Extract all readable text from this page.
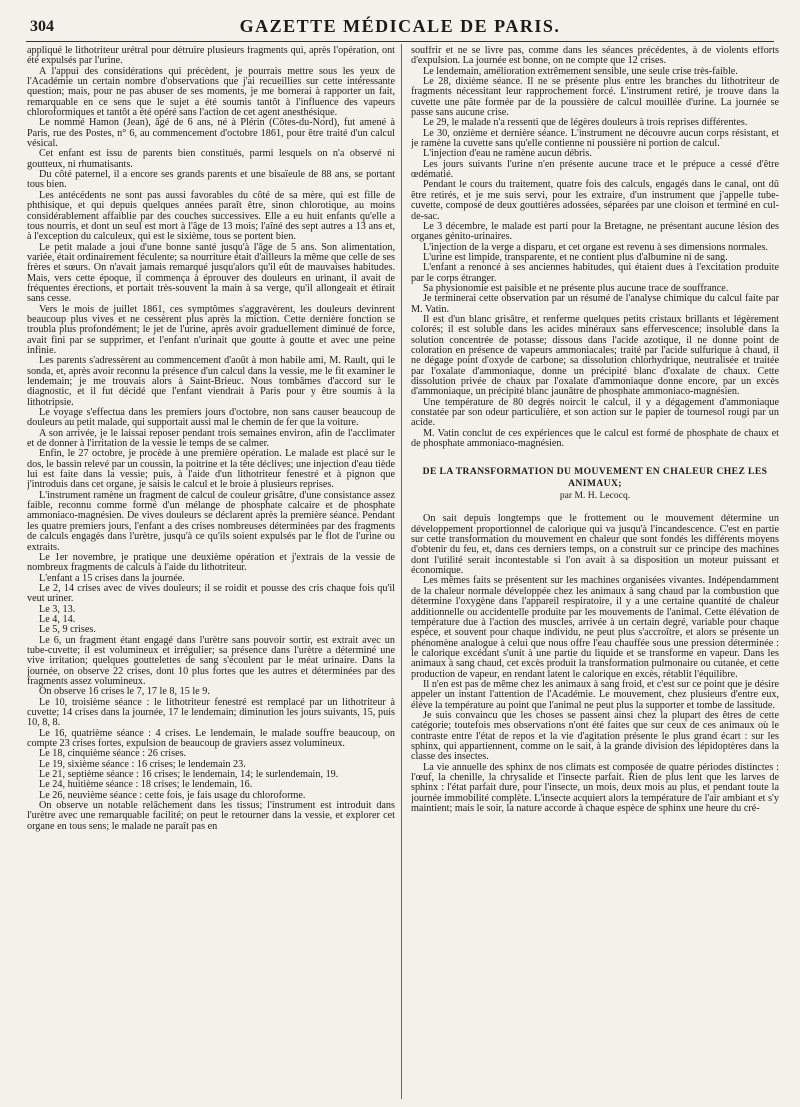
304	GAZETTE MÉDICALE DE PARIS.

appliqué le lithotriteur urétral pour détruire plusieurs fragments qui, après l'opération, ont été expulsés par l'urine.

A l'appui des considérations qui précèdent, je pourrais mettre sous les yeux de l'Académie un certain nombre d'observations que j'ai recueillies sur cette intéressante question; mais, pour ne pas abuser de ses moments, je me bornerai à rapporter un fait, remarquable en ce sens que le sujet a été soumis tantôt à l'influence des vapeurs chloroformiques et tantôt a été opéré sans l'action de cet agent anesthésique.

Le nommé Hamon (Jean), âgé de 6 ans, né à Plérin (Côtes-du-Nord), fut amené à Paris, rue des Postes, n° 6, au commencement d'octobre 1861, pour être traité d'un calcul vésical.

Cet enfant est issu de parents bien constitués, parmi lesquels on n'a observé ni goutteux, ni rhumatisants.

Du côté paternel, il a encore ses grands parents et une bisaïeule de 88 ans, se portant tous bien.

Les antécédents ne sont pas aussi favorables du côté de sa mère, qui est fille de phthisique, et qui depuis quelques années paraît être, sinon chlorotique, au moins considérablement affaiblie par des couches successives. Elle a eu huit enfants qu'elle a tous nourris, et dont un seul est mort à l'âge de 13 mois; l'aîné des sept autres a 13 ans et, à l'exception du calculeux, qui est le sixième, tous se portent bien.

Le petit malade a joui d'une bonne santé jusqu'à l'âge de 5 ans. Son alimentation, variée, était ordinairement féculente; sa nourriture était d'ailleurs la même que celle de ses frères et sœurs. On n'avait jamais remarqué jusqu'alors qu'il eût de mauvaises habitudes. Mais, vers cette époque, il commença à éprouver des douleurs en urinant, il avait de fréquentes érections, et portait très-souvent la main à sa verge, qu'il allongeait et étirait sans cesse.

Vers le mois de juillet 1861, ces symptômes s'aggravèrent, les douleurs devinrent beaucoup plus vives et ne cessèrent plus après la miction. Cette dernière fonction se troubla plus profondément; le jet de l'urine, après avoir graduellement diminué de force, avait fini par se supprimer, et l'enfant n'urinait que goutte à goutte et avec une peine infinie.

Les parents s'adressèrent au commencement d'août à mon habile ami, M. Rault, qui le sonda, et, après avoir reconnu la présence d'un calcul dans la vessie, me le fit examiner le lendemain; je me trouvais alors à Saint-Brieuc. Nous tombâmes d'accord sur le diagnostic, et il fut décidé que l'enfant viendrait à Paris pour y être soumis à la lithotripsie.

Le voyage s'effectua dans les premiers jours d'octobre, non sans causer beaucoup de douleurs au petit malade, qui supportait aussi mal le chemin de fer que la voiture.

A son arrivée, je le laissai reposer pendant trois semaines environ, afin de l'acclimater et de donner à l'irritation de la vessie le temps de se calmer.

Enfin, le 27 octobre, je procède à une première opération. Le malade est placé sur le dos, le bassin relevé par un coussin, la poitrine et la tête déclives; une injection d'eau tiède lui est faite dans la vessie; puis, à l'aide d'un lithotriteur fenestré et à pignon que j'introduis dans cet organe, je saisis le calcul et le broie à plusieurs reprises.

L'instrument ramène un fragment de calcul de couleur grisâtre, d'une consistance assez faible, reconnu comme formé d'un mélange de phosphate calcaire et de phosphate ammoniaco-magnésien. De vives douleurs se déclarent après la première séance. Pendant les quatre premiers jours, l'enfant a des crises nombreuses déterminées par des fragments de calculs engagés dans l'urètre, jusqu'à ce qu'ils soient expulsés par le flot de l'urine ou extraits.

Le 1er novembre, je pratique une deuxième opération et j'extrais de la vessie de nombreux fragments de calculs à l'aide du lithotriteur.

L'enfant a 15 crises dans la journée.

Le 2, 14 crises avec de vives douleurs; il se roidit et pousse des cris chaque fois qu'il veut uriner.

Le 3, 13.

Le 4, 14.

Le 5, 9 crises.

Le 6, un fragment étant engagé dans l'urètre sans pouvoir sortir, est extrait avec un tube-cuvette; il est volumineux et irrégulier; sa présence dans l'urètre a déterminé une vive irritation; quelques gouttelettes de sang s'écoulent par le méat urinaire. Dans la journée, on observe 22 crises, dont 10 plus fortes que les autres et déterminées par des fragments assez volumineux.

On observe 16 crises le 7, 17 le 8, 15 le 9.

Le 10, troisième séance : le lithotriteur fenestré est remplacé par un lithotriteur à cuvette; 14 crises dans la journée, 17 le lendemain; diminution les jours suivants, 15, puis 10, 8, 8.

Le 16, quatrième séance : 4 crises. Le lendemain, le malade souffre beaucoup, on compte 23 crises fortes, expulsion de beaucoup de graviers assez volumineux.

Le 18, cinquième séance : 26 crises.

Le 19, sixième séance : 16 crises; le lendemain 23.

Le 21, septième séance : 16 crises; le lendemain, 14; le surlendemain, 19.

Le 24, huitième séance : 18 crises; le lendemain, 16.

Le 26, neuvième séance : cette fois, je fais usage du chloroforme.

On observe un notable relâchement dans les tissus; l'instrument est introduit dans l'urètre avec une remarquable facilité; on peut le retourner dans la vessie, et explorer cet organe en tous sens; le malade ne paraît pas en

souffrir et ne se livre pas, comme dans les séances précédentes, à de violents efforts d'expulsion. La journée est bonne, on ne compte que 12 crises.

Le lendemain, amélioration extrêmement sensible, une seule crise très-faible.

Le 28, dixième séance. Il ne se présente plus entre les branches du lithotriteur de fragments nécessitant leur rapprochement forcé. L'instrument retiré, je trouve dans la cuvette une pâte formée par de la poussière de calcul mouillée d'urine. La journée se passe sans aucune crise.

Le 29, le malade n'a ressenti que de légères douleurs à trois reprises différentes.

Le 30, onzième et dernière séance. L'instrument ne découvre aucun corps résistant, et je ramène la cuvette sans qu'elle contienne ni poussière ni portion de calcul.

L'injection d'eau ne ramène aucun débris.

Les jours suivants l'urine n'en présente aucune trace et le prépuce a cessé d'être œdématié.

Pendant le cours du traitement, quatre fois des calculs, engagés dans le canal, ont dû être retirés, et je me suis servi, pour les extraire, d'un instrument que j'appelle tube-cuvette, composé de deux gouttières adossées, séparées par une cloison et terminé en cul-de-sac.

Le 3 décembre, le malade est parti pour la Bretagne, ne présentant aucune lésion des organes génito-urinaires.

L'injection de la verge a disparu, et cet organe est revenu à ses dimensions normales.

L'urine est limpide, transparente, et ne contient plus d'albumine ni de sang.

L'enfant a renoncé à ses anciennes habitudes, qui étaient dues à l'excitation produite par le corps étranger.

Sa physionomie est paisible et ne présente plus aucune trace de souffrance.

Je terminerai cette observation par un résumé de l'analyse chimique du calcul faite par M. Vatin.

Il est d'un blanc grisâtre, et renferme quelques petits cristaux brillants et légèrement colorés; il est soluble dans les acides minéraux sans effervescence; insoluble dans la solution concentrée de potasse; dissous dans l'acide azotique, il ne donne point de coloration en présence de vapeurs ammoniacales; traité par l'acide sulfurique à chaud, il ne dégage point d'oxyde de carbone; sa dissolution chlorhydrique, neutralisée et traitée par l'oxalate d'ammoniaque, donne un précipité blanc d'oxalate de chaux. Cette dissolution privée de chaux par l'oxalate d'ammoniaque donne encore, par un excès d'ammoniaque, un précipité blanc jaunâtre de phosphate ammoniaco-magnésien.

Une température de 80 degrés noircit le calcul, il y a dégagement d'ammoniaque constatée par son odeur particulière, et son action sur le papier de tournesol rougi par un acide.

M. Vatin conclut de ces expériences que le calcul est formé de phosphate de chaux et de phosphate ammoniaco-magnésien.

DE LA TRANSFORMATION DU MOUVEMENT EN CHALEUR CHEZ LES ANIMAUX;
par M. H. Lecocq.

On sait depuis longtemps que le frottement ou le mouvement détermine un développement proportionnel de calorique qui va jusqu'à l'incandescence. C'est en partie sur cette transformation du mouvement en chaleur que sont fondés les différents moyens d'obtenir du feu, et, dans ces derniers temps, on a construit sur ce principe des machines dont l'utilité serait incontestable si l'on avait à sa disposition un moteur puissant et économique.

Les mêmes faits se présentent sur les machines organisées vivantes. Indépendamment de la chaleur normale développée chez les animaux à sang chaud par la combustion que détermine l'oxygène dans l'appareil respiratoire, il y a une certaine quantité de chaleur additionnelle ou accidentelle produite par les mouvements de l'animal. Cette élévation de température due à l'action des muscles, arrivée à un certain degré, variable pour chaque espèce, et souvent pour chaque individu, ne peut plus s'accroître, et alors se présente un phénomène analogue à celui que nous offre l'eau chauffée sous une pression déterminée : le calorique excédant s'unit à une partie du liquide et se transforme en vapeur. Dans les animaux à sang chaud, cet excès produit la transformation pulmonaire ou cutanée, et cette production de vapeur, en rendant latent le calorique en excès, rétablit l'équilibre.

Il n'en est pas de même chez les animaux à sang froid, et c'est sur ce point que je désire appeler un instant l'attention de l'Académie. Le mouvement, chez plusieurs d'entre eux, élève la température au point que l'animal ne peut plus la supporter et tombe de lassitude.

Je suis convaincu que les choses se passent ainsi chez la plupart des êtres de cette catégorie; toutefois mes observations n'ont été faites que sur ceux de ces animaux où le contraste entre l'état de repos et la vie d'agitation présente le plus grand écart : sur les sphinx, qui appartiennent, comme on le sait, à la grande division des lépidoptères dans la classe des insectes.

La vie annuelle des sphinx de nos climats est composée de quatre périodes distinctes : l'œuf, la chenille, la chrysalide et l'insecte parfait. Rien de plus lent que les larves de sphinx : l'état parfait dure, pour l'insecte, un mois, deux mois au plus, et pendant toute la journée immobilité complète. L'insecte acquiert alors la température de l'air ambiant et s'y maintient; mais le soir, la nature accorde à chaque espèce de sphinx une heure du cré-
